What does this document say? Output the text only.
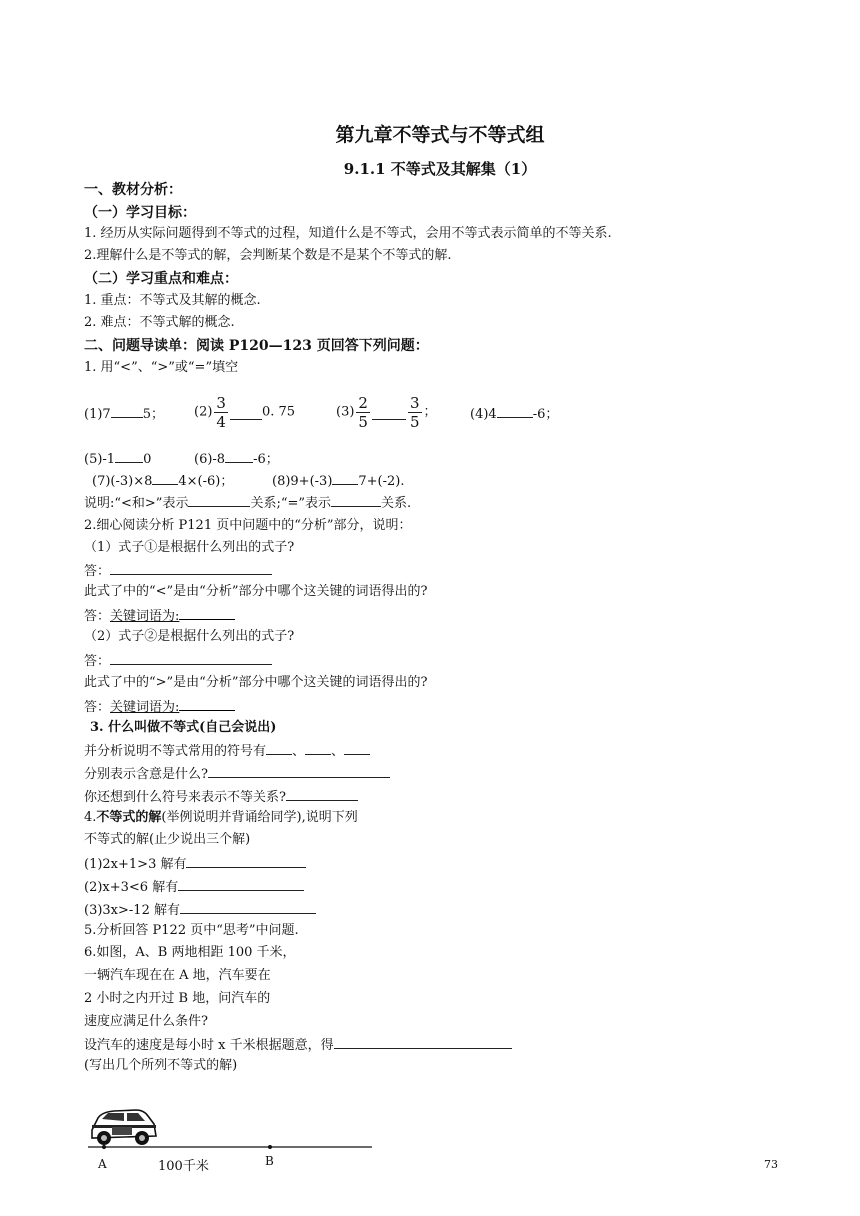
第九章不等式与不等式组
9.1.1 不等式及其解集（1）
一、教材分析：
（一）学习目标：
1. 经历从实际问题得到不等式的过程，知道什么是不等式，会用不等式表示简单的不等关系.
2.理解什么是不等式的解，会判断某个数是不是某个不等式的解.
（二）学习重点和难点：
1. 重点：不等式及其解的概念.
2. 难点：不等式解的概念.
二、问题导读单：阅读 P120—123 页回答下列问题：
1. 用“<”、“>”或“=”填空
(1)7 5； $(2) \frac{3}{4}$	0. 75	$(3) \frac{2}{5}$	$\frac{3}{5}$ ；	(4)4	-6；
(5)-1 0	(6)-8 -6；
(7)(-3)×8 4×(-6)；	(8)9+(-3) 7+(-2).
说明:“<和>”表示	关系;“=”表示	关系.
2.细心阅读分析 P121 页中问题中的“分析”部分，说明：
（1）式子①是根据什么列出的式子?
答：
此式了中的“<”是由“分析”部分中哪个这关键的词语得出的?
答：关键词语为:
（2）式子②是根据什么列出的式子?
答：
此式了中的“>”是由“分析”部分中哪个这关键的词语得出的?
答：关键词语为:
3. 什么叫做不等式(自己会说出)
并分析说明不等式常用的符号有 、 、
分别表示含意是什么?
你还想到什么符号来表示不等关系?
4.不等式的解(举例说明并背诵给同学),说明下列
不等式的解(止少说出三个解)
(1)2x+1>3 解有
(2)x+3<6 解有
(3)3x>-12 解有
5.分析回答 P122 页中“思考”中问题.
6.如图，A、B 两地相距 100 千米，
一辆汽车现在在 A 地，汽车要在
2 小时之内开过 B 地，问汽车的
速度应满足什么条件?
设汽车的速度是每小时 x 千米根据题意，得
(写出几个所列不等式的解)
A	B
100千米	73
